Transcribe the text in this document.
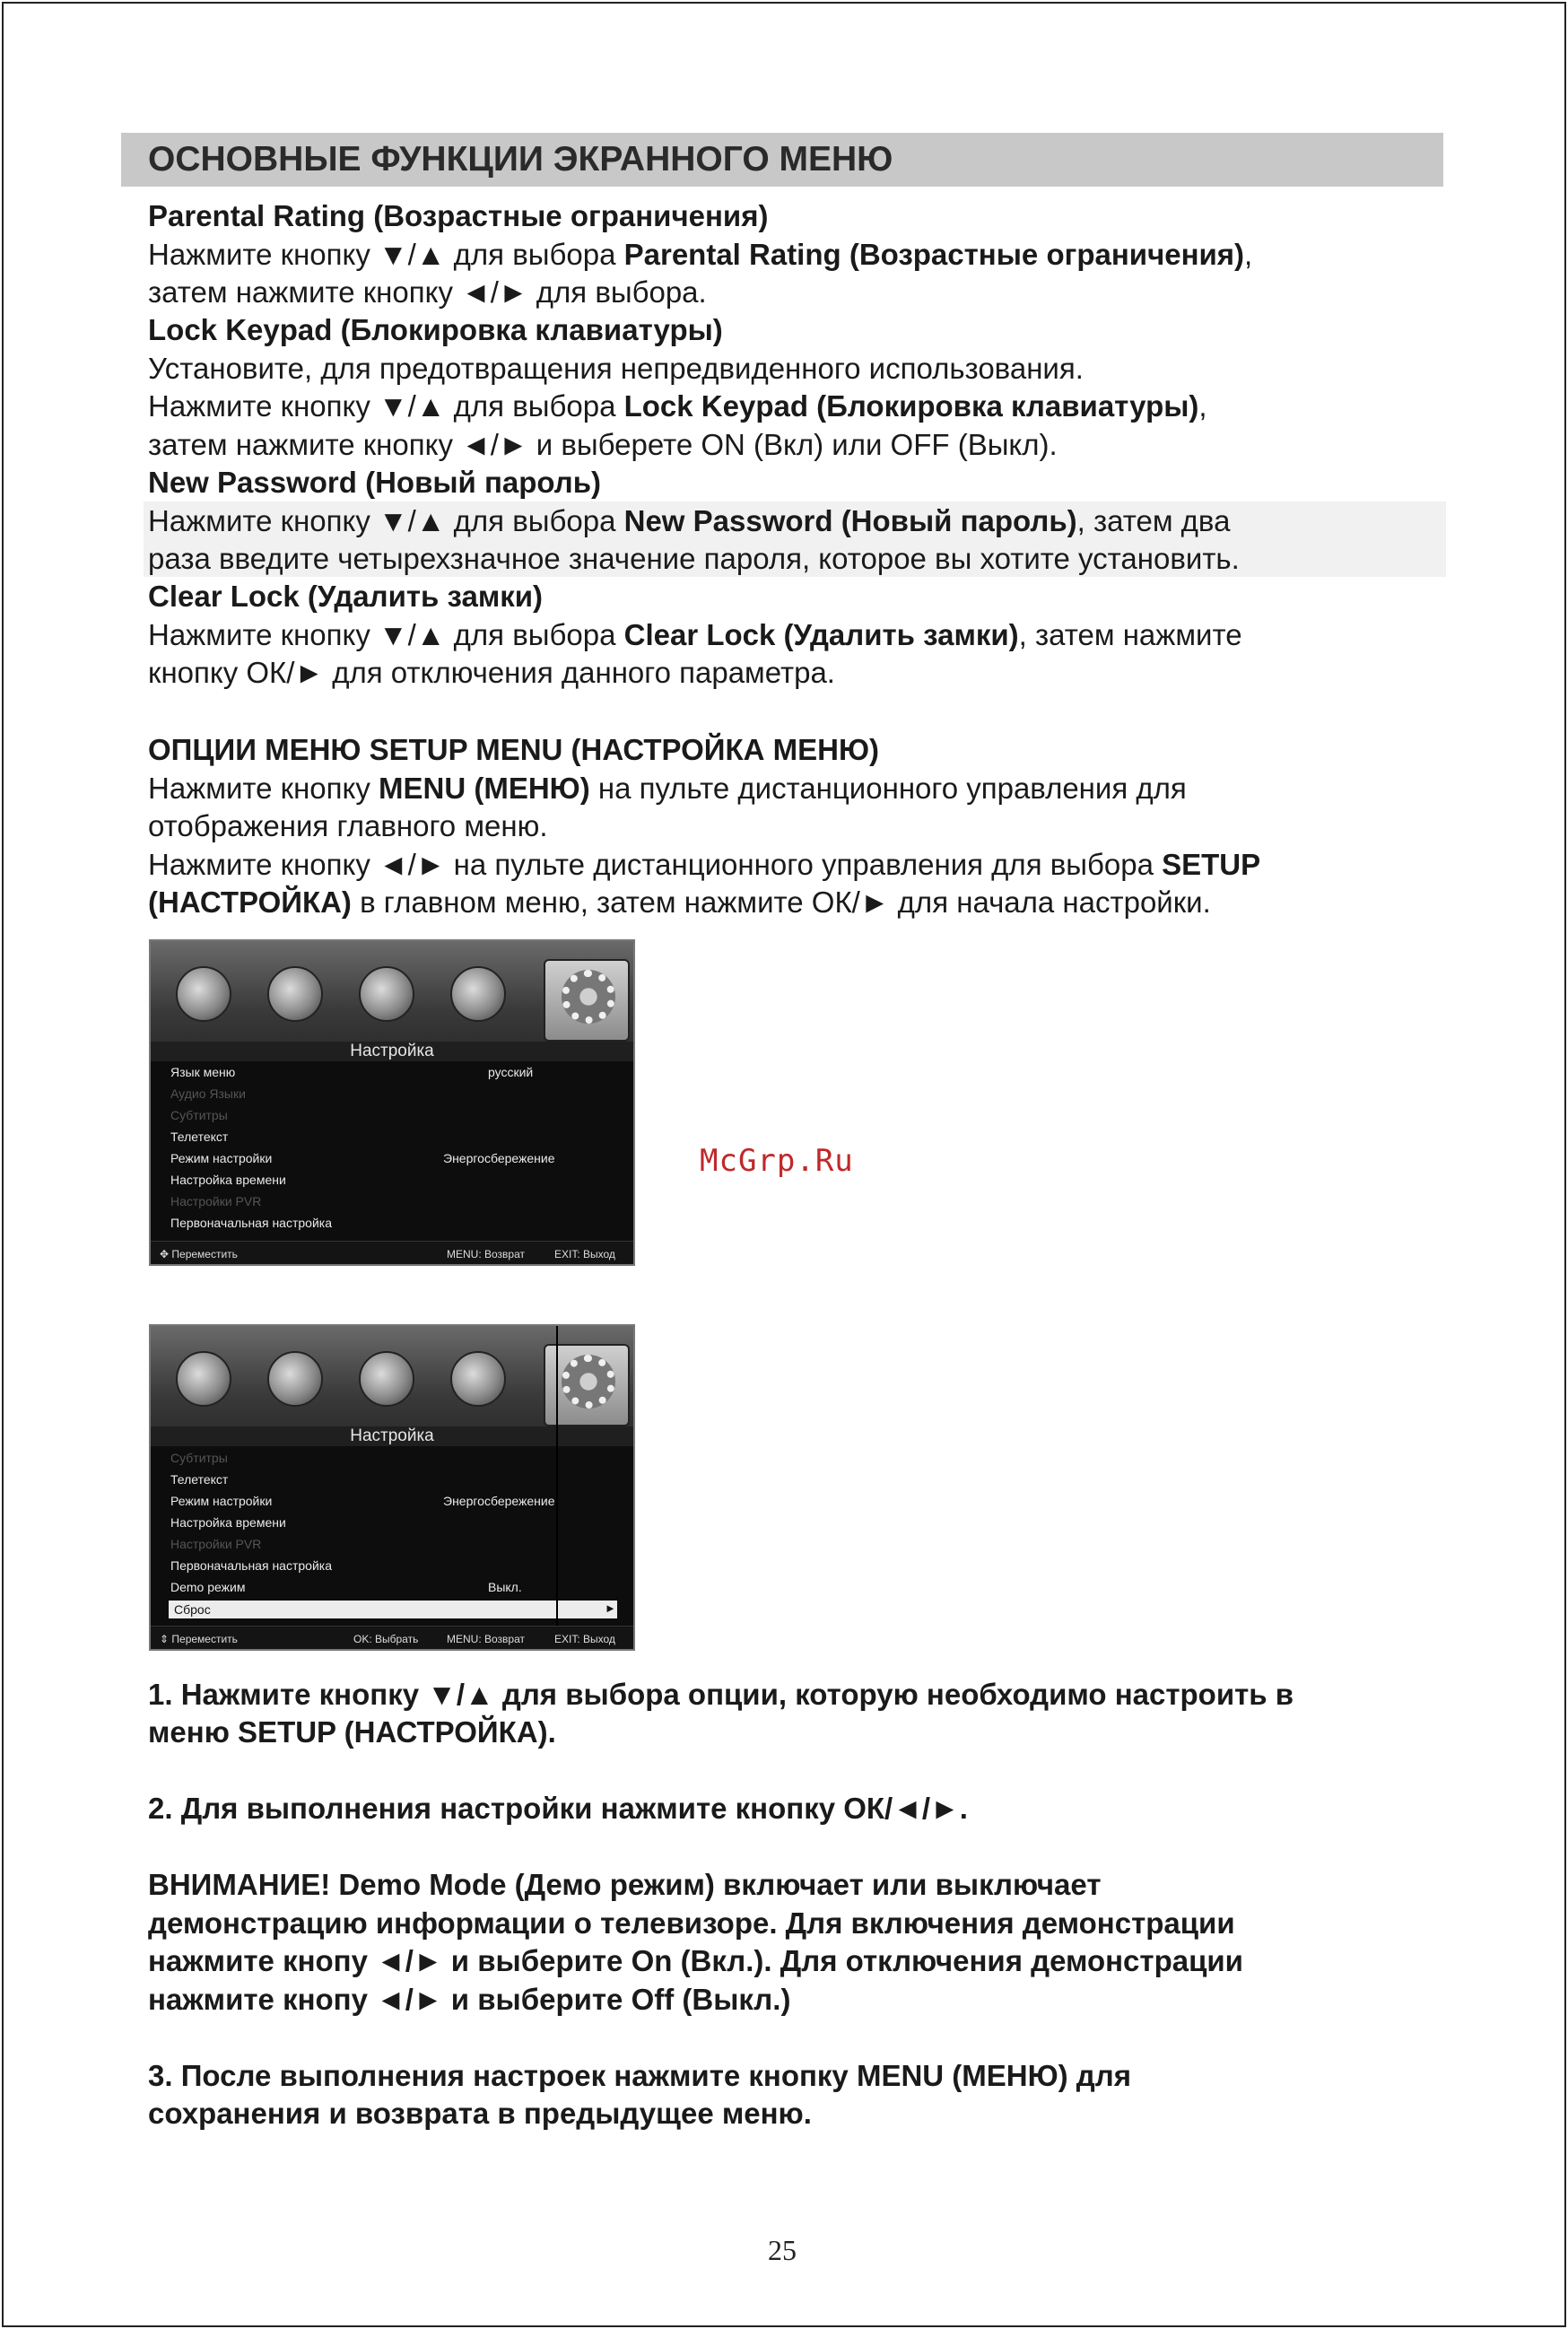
ОСНОВНЫЕ ФУНКЦИИ ЭКРАННОГО МЕНЮ
Parental Rating (Возрастные ограничения)
Нажмите кнопку ▼/▲ для выбора Parental Rating (Возрастные ограничения),
затем нажмите кнопку ◄/► для выбора.
Lock Keypad (Блокировка клавиатуры)
Установите, для предотвращения непредвиденного использования.
Нажмите кнопку ▼/▲ для выбора Lock Keypad (Блокировка клавиатуры),
затем нажмите кнопку ◄/► и выберете ON (Вкл) или OFF (Выкл).
New Password (Новый пароль)
Нажмите кнопку ▼/▲ для выбора New Password (Новый пароль), затем два
раза введите четырехзначное значение пароля, которое вы хотите установить.
Clear Lock (Удалить замки)
Нажмите кнопку ▼/▲ для выбора Clear Lock (Удалить замки), затем нажмите
кнопку ОК/► для отключения данного параметра.
ОПЦИИ МЕНЮ SETUP MENU (НАСТРОЙКА МЕНЮ)
Нажмите кнопку MENU (МЕНЮ) на пульте дистанционного управления для
отображения главного меню.
Нажмите кнопку ◄/► на пульте дистанционного управления для выбора SETUP
(НАСТРОЙКА) в главном меню, затем нажмите ОК/► для начала настройки.
Настройка
Язык меню	русский
Аудио Языки
Субтитры
Телетекст
Режим настройки	Энергосбережение
Настройка времени
Настройки PVR
Первоначальная настройка
✥ Переместить	MENU: Возврат	EXIT: Выход
McGrp.Ru
Настройка
Субтитры
Телетекст
Режим настройки	Энергосбережение
Настройка времени
Настройки PVR
Первоначальная настройка
Demo режим	Выкл.
Сброс	►
⇕ Переместить	OK: Выбрать	MENU: Возврат	EXIT: Выход
1. Нажмите кнопку ▼/▲ для выбора опции, которую необходимо настроить в
меню SETUP (НАСТРОЙКА).
2. Для выполнения настройки нажмите кнопку ОК/◄/►.
ВНИМАНИЕ! Demo Mode (Демо режим) включает или выключает
демонстрацию информации о телевизоре. Для включения демонстрации
нажмите кнопу ◄/► и выберите On (Вкл.). Для отключения демонстрации
нажмите кнопу ◄/► и выберите Off (Выкл.)
3. После выполнения настроек нажмите кнопку MENU (МЕНЮ) для
сохранения и возврата в предыдущее меню.
25
